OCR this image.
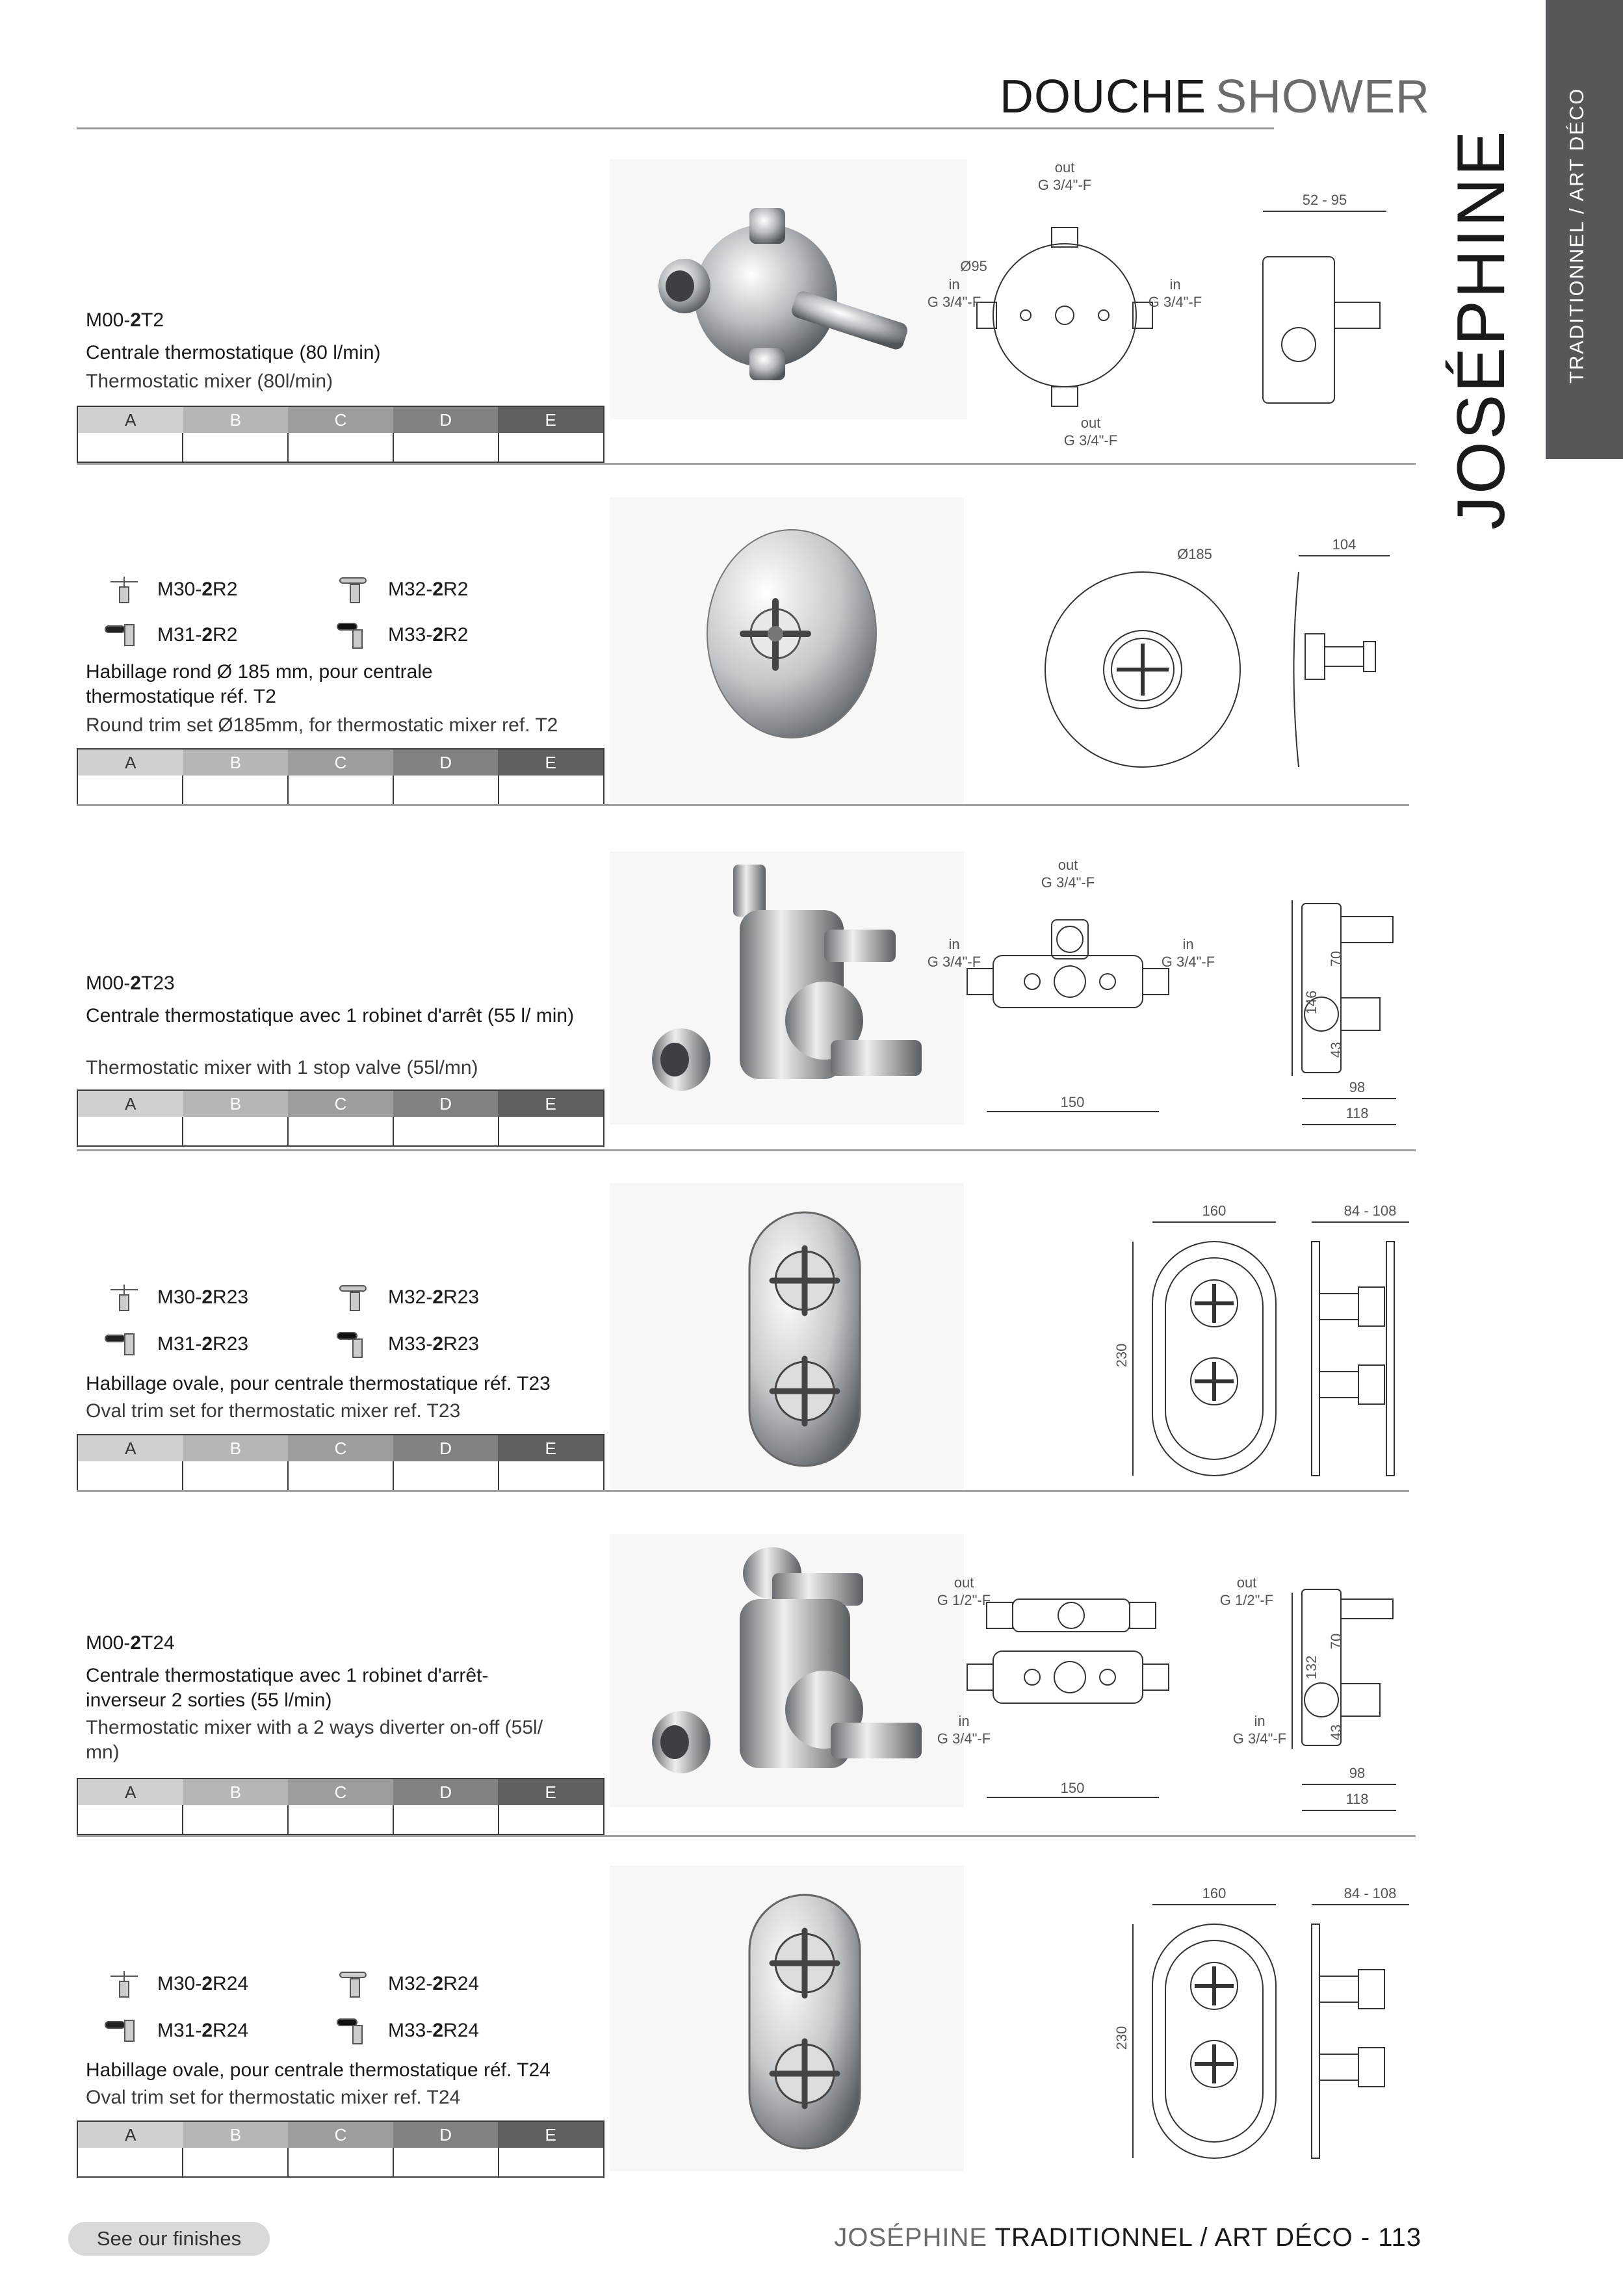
DOUCHE SHOWER	TRADITIONNEL / ART DÉCO
JOSÉPHINE
M00-2T2
Centrale thermostatique (80 l/min)
Thermostatic mixer (80l/min)
A	B	C	D	E
out
G 3/4"-F
Ø95
in
G 3/4"-F
in
G 3/4"-F
out
G 3/4"-F
52 - 95
M30- 2 R2	M32- 2 R2
M31- 2 R2	M33- 2 R2
Habillage rond Ø 185 mm, pour centrale thermostatique réf. T2
Round trim set Ø185mm, for thermostatic mixer ref. T2
A	B	C	D	E
Ø185
104
M00-2T23
Centrale thermostatique avec 1 robinet d'arrêt (55 l/ min)
Thermostatic mixer with 1 stop valve (55l/mn)
A	B	C	D	E
out
G 3/4"-F
in
G 3/4"-F
in
G 3/4"-F
150
146
70
43
98
118
M30- 2 R23	M32- 2 R23
M31- 2 R23	M33- 2 R23
Habillage ovale, pour centrale thermostatique réf. T23
Oval trim set for thermostatic mixer ref. T23
A	B	C	D	E
160
230
84 - 108
M00-2T24
Centrale thermostatique avec 1 robinet d'arrêt-inverseur 2 sorties (55 l/min)
Thermostatic mixer with a 2 ways diverter on-off (55l/ mn)
A	B	C	D	E
out
G 1/2"-F
out
G 1/2"-F
in
G 3/4"-F
in
G 3/4"-F
150
132
70
43
98
118
M30- 2 R24	M32- 2 R24
M31- 2 R24	M33- 2 R24
Habillage ovale, pour centrale thermostatique réf. T24
Oval trim set for thermostatic mixer ref. T24
A	B	C	D	E
160
230
84 - 108
See our finishes	JOSÉPHINE TRADITIONNEL / ART DÉCO - 113
